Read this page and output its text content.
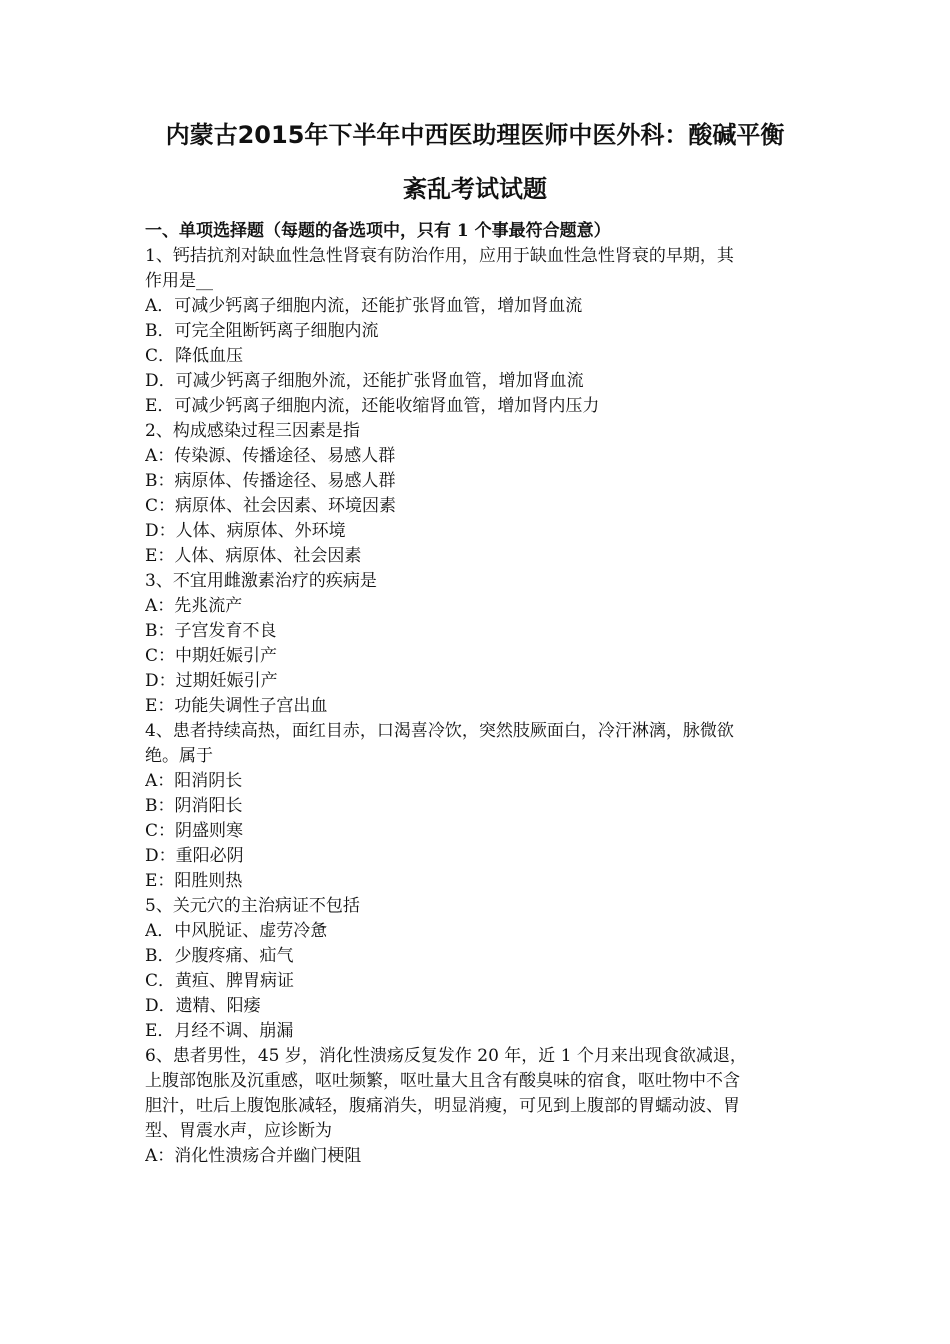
内蒙古2015年下半年中西医助理医师中医外科：酸碱平衡
紊乱考试试题
一、单项选择题（每题的备选项中，只有 1 个事最符合题意）
1、钙拮抗剂对缺血性急性肾衰有防治作用，应用于缺血性急性肾衰的早期，其
作用是__
A．可减少钙离子细胞内流，还能扩张肾血管，增加肾血流
B．可完全阻断钙离子细胞内流
C．降低血压
D．可减少钙离子细胞外流，还能扩张肾血管，增加肾血流
E．可减少钙离子细胞内流，还能收缩肾血管，增加肾内压力
2、构成感染过程三因素是指
A：传染源、传播途径、易感人群
B：病原体、传播途径、易感人群
C：病原体、社会因素、环境因素
D：人体、病原体、外环境
E：人体、病原体、社会因素
3、不宜用雌激素治疗的疾病是
A：先兆流产
B：子宫发育不良
C：中期妊娠引产
D：过期妊娠引产
E：功能失调性子宫出血
4、患者持续高热，面红目赤，口渴喜冷饮，突然肢厥面白，冷汗淋漓，脉微欲
绝。属于
A：阳消阴长
B：阴消阳长
C：阴盛则寒
D：重阳必阴
E：阳胜则热
5、关元穴的主治病证不包括
A．中风脱证、虚劳冷惫
B．少腹疼痛、疝气
C．黄疸、脾胃病证
D．遗精、阳痿
E．月经不调、崩漏
6、患者男性，45 岁，消化性溃疡反复发作 20 年，近 1 个月来出现食欲减退，
上腹部饱胀及沉重感，呕吐频繁，呕吐量大且含有酸臭味的宿食，呕吐物中不含
胆汁，吐后上腹饱胀减轻，腹痛消失，明显消瘦，可见到上腹部的胃蠕动波、胃
型、胃震水声，应诊断为
A：消化性溃疡合并幽门梗阻
